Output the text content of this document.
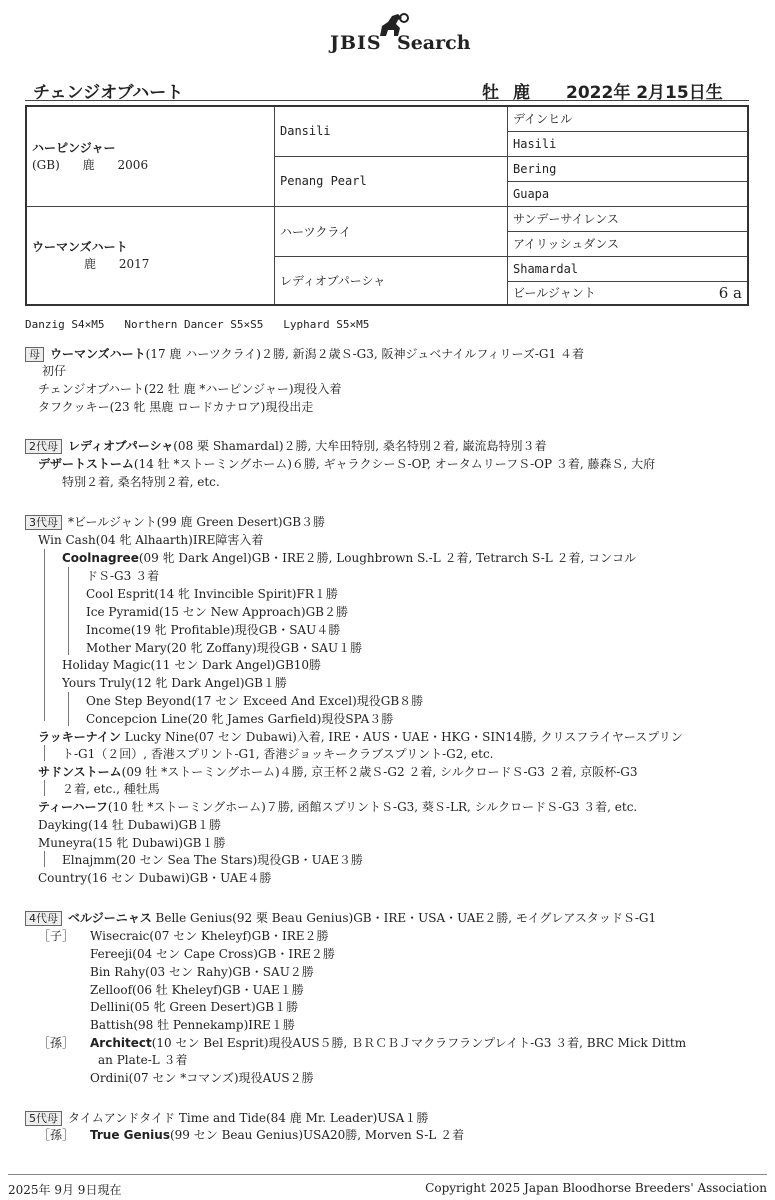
JBIS Search
チェンジオブハート	牡 鹿 2022年 2月15日生
ハーピンジャー
(GB)      鹿      2006	Dansili	デインヒル
		Hasili
	Penang Pearl	Bering
		Guapa

ウーマンズハート
鹿      2017	ハーツクライ	サンデーサイレンス
		アイリッシュダンス
	レディオブパーシャ	Shamardal
		ビールジャント 6 a
Danzig S4×M5   Northern Dancer S5×S5   Lyphard S5×M5
母 ウーマンズハート(17 鹿 ハーツクライ)２勝, 新潟２歳Ｓ-G3, 阪神ジュベナイルフィリーズ-G1 ４着
初仔
チェンジオブハート(22 牡 鹿 *ハーピンジャー)現役入着
タフクッキー(23 牝 黒鹿 ロードカナロア)現役出走
2代母 レディオブパーシャ(08 栗 Shamardal)２勝, 大牟田特別, 桑名特別２着, 巌流島特別３着
デザートストーム(14 牡 *ストーミングホーム)６勝, ギャラクシーＳ-OP, オータムリーフＳ-OP ３着, 藤森Ｓ, 大府
特別２着, 桑名特別２着, etc.
3代母 *ビールジャント(99 鹿 Green Desert)GB３勝
Win Cash(04 牝 Alhaarth)IRE障害入着
Coolnagree(09 牝 Dark Angel)GB・IRE２勝, Loughbrown S.-L ２着, Tetrarch S-L ２着, コンコル
ドＳ-G3 ３着
Cool Esprit(14 牝 Invincible Spirit)FR１勝
Ice Pyramid(15 セン New Approach)GB２勝
Income(19 牝 Profitable)現役GB・SAU４勝
Mother Mary(20 牝 Zoffany)現役GB・SAU１勝
Holiday Magic(11 セン Dark Angel)GB10勝
Yours Truly(12 牝 Dark Angel)GB１勝
One Step Beyond(17 セン Exceed And Excel)現役GB８勝
Concepcion Line(20 牝 James Garfield)現役SPA３勝
ラッキーナイン Lucky Nine(07 セン Dubawi)入着, IRE・AUS・UAE・HKG・SIN14勝, クリスフライヤースプリン
ト-G1（２回）, 香港スプリント-G1, 香港ジョッキークラブスプリント-G2, etc.
サドンストーム(09 牡 *ストーミングホーム)４勝, 京王杯２歳Ｓ-G2 ２着, シルクロードＳ-G3 ２着, 京阪杯-G3
２着, etc., 種牡馬
ティーハーフ(10 牡 *ストーミングホーム)７勝, 函館スプリントＳ-G3, 葵Ｓ-LR, シルクロードＳ-G3 ３着, etc.
Dayking(14 牡 Dubawi)GB１勝
Muneyra(15 牝 Dubawi)GB１勝
Elnajmm(20 セン Sea The Stars)現役GB・UAE３勝
Country(16 セン Dubawi)GB・UAE４勝
4代母 ベルジーニャス Belle Genius(92 栗 Beau Genius)GB・IRE・USA・UAE２勝, モイグレアスタッドＳ-G1
［子］ Wisecraic(07 セン Kheleyf)GB・IRE２勝
Fereeji(04 セン Cape Cross)GB・IRE２勝
Bin Rahy(03 セン Rahy)GB・SAU２勝
Zelloof(06 牡 Kheleyf)GB・UAE１勝
Dellini(05 牝 Green Desert)GB１勝
Battish(98 牡 Pennekamp)IRE１勝
［孫］ Architect(10 セン Bel Esprit)現役AUS５勝, ＢＲＣＢＪマクラフランプレイト-G3 ３着, BRC Mick Dittm
an Plate-L ３着
Ordini(07 セン *コマンズ)現役AUS２勝
5代母 タイムアンドタイド Time and Tide(84 鹿 Mr. Leader)USA１勝
［孫］ True Genius(99 セン Beau Genius)USA20勝, Morven S-L ２着
2025年 9月 9日現在	Copyright 2025 Japan Bloodhorse Breeders' Association
